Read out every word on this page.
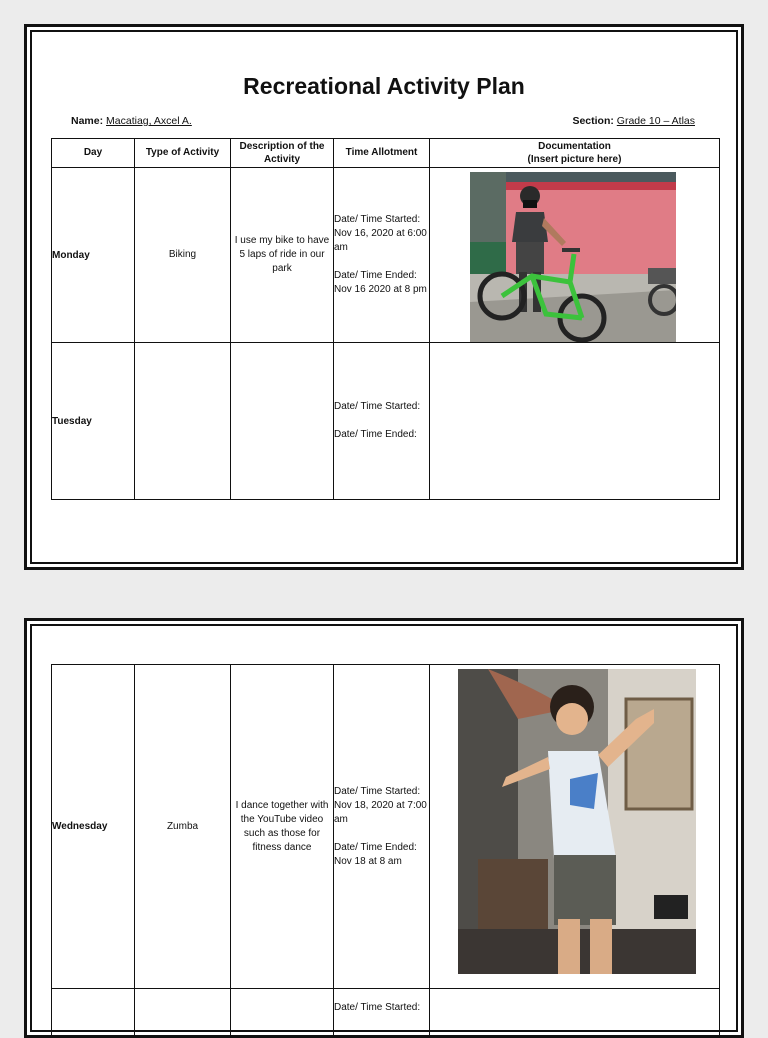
Recreational Activity Plan
Name: Macatiag, Axcel A.	Section: Grade 10 – Atlas
Day	Type of Activity	Description of the Activity	Time Allotment	Documentation
(Insert picture here)

Monday	Biking	I use my bike to have 5 laps of ride in our park	Date/ Time Started: Nov 16, 2020 at 6:00 am
Date/ Time Ended: Nov 16 2020 at 8 pm	

Tuesday			Date/ Time Started:
Date/ Time Ended:	
Wednesday	Zumba	I dance together with the YouTube video such as those for fitness dance	Date/ Time Started: Nov 18, 2020 at 7:00 am
Date/ Time Ended: Nov 18 at 8 am	

			Date/ Time Started:	
